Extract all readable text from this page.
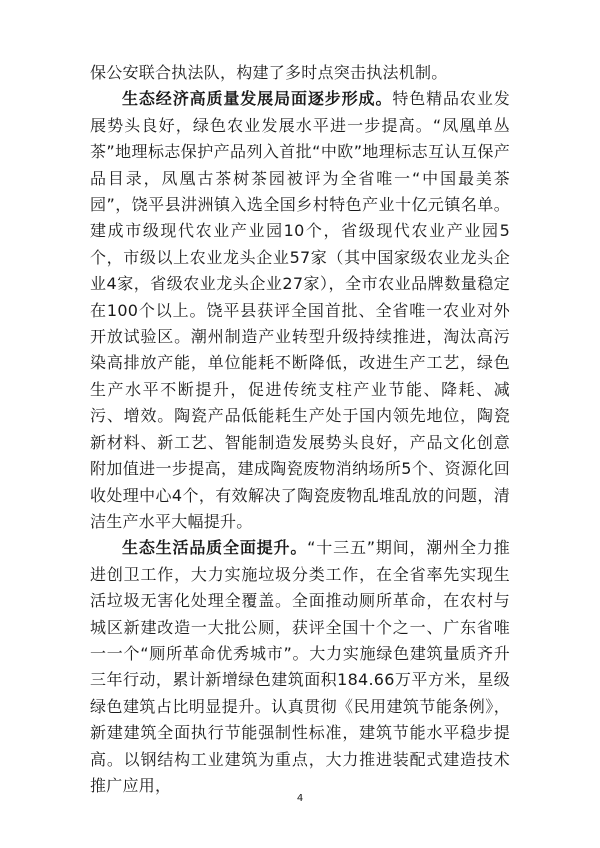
保公安联合执法队，构建了多时点突击执法机制。

生态经济高质量发展局面逐步形成。特色精品农业发展势头良好，绿色农业发展水平进一步提高。“凤凰单丛茶”地理标志保护产品列入首批“中欧”地理标志互认互保产品目录，凤凰古茶树茶园被评为全省唯一“中国最美茶园”，饶平县汫洲镇入选全国乡村特色产业十亿元镇名单。建成市级现代农业产业园10个，省级现代农业产业园5个，市级以上农业龙头企业57家（其中国家级农业龙头企业4家，省级农业龙头企业27家），全市农业品牌数量稳定在100个以上。饶平县获评全国首批、全省唯一农业对外开放试验区。潮州制造产业转型升级持续推进，淘汰高污染高排放产能，单位能耗不断降低，改进生产工艺，绿色生产水平不断提升，促进传统支柱产业节能、降耗、减污、增效。陶瓷产品低能耗生产处于国内领先地位，陶瓷新材料、新工艺、智能制造发展势头良好，产品文化创意附加值进一步提高，建成陶瓷废物消纳场所5个、资源化回收处理中心4个，有效解决了陶瓷废物乱堆乱放的问题，清洁生产水平大幅提升。

生态生活品质全面提升。“十三五”期间，潮州全力推进创卫工作，大力实施垃圾分类工作，在全省率先实现生活垃圾无害化处理全覆盖。全面推动厕所革命，在农村与城区新建改造一大批公厕，获评全国十个之一、广东省唯一一个“厕所革命优秀城市”。大力实施绿色建筑量质齐升三年行动，累计新增绿色建筑面积184.66万平方米，星级绿色建筑占比明显提升。认真贯彻《民用建筑节能条例》，新建建筑全面执行节能强制性标准，建筑节能水平稳步提高。以钢结构工业建筑为重点，大力推进装配式建造技术推广应用，

4
